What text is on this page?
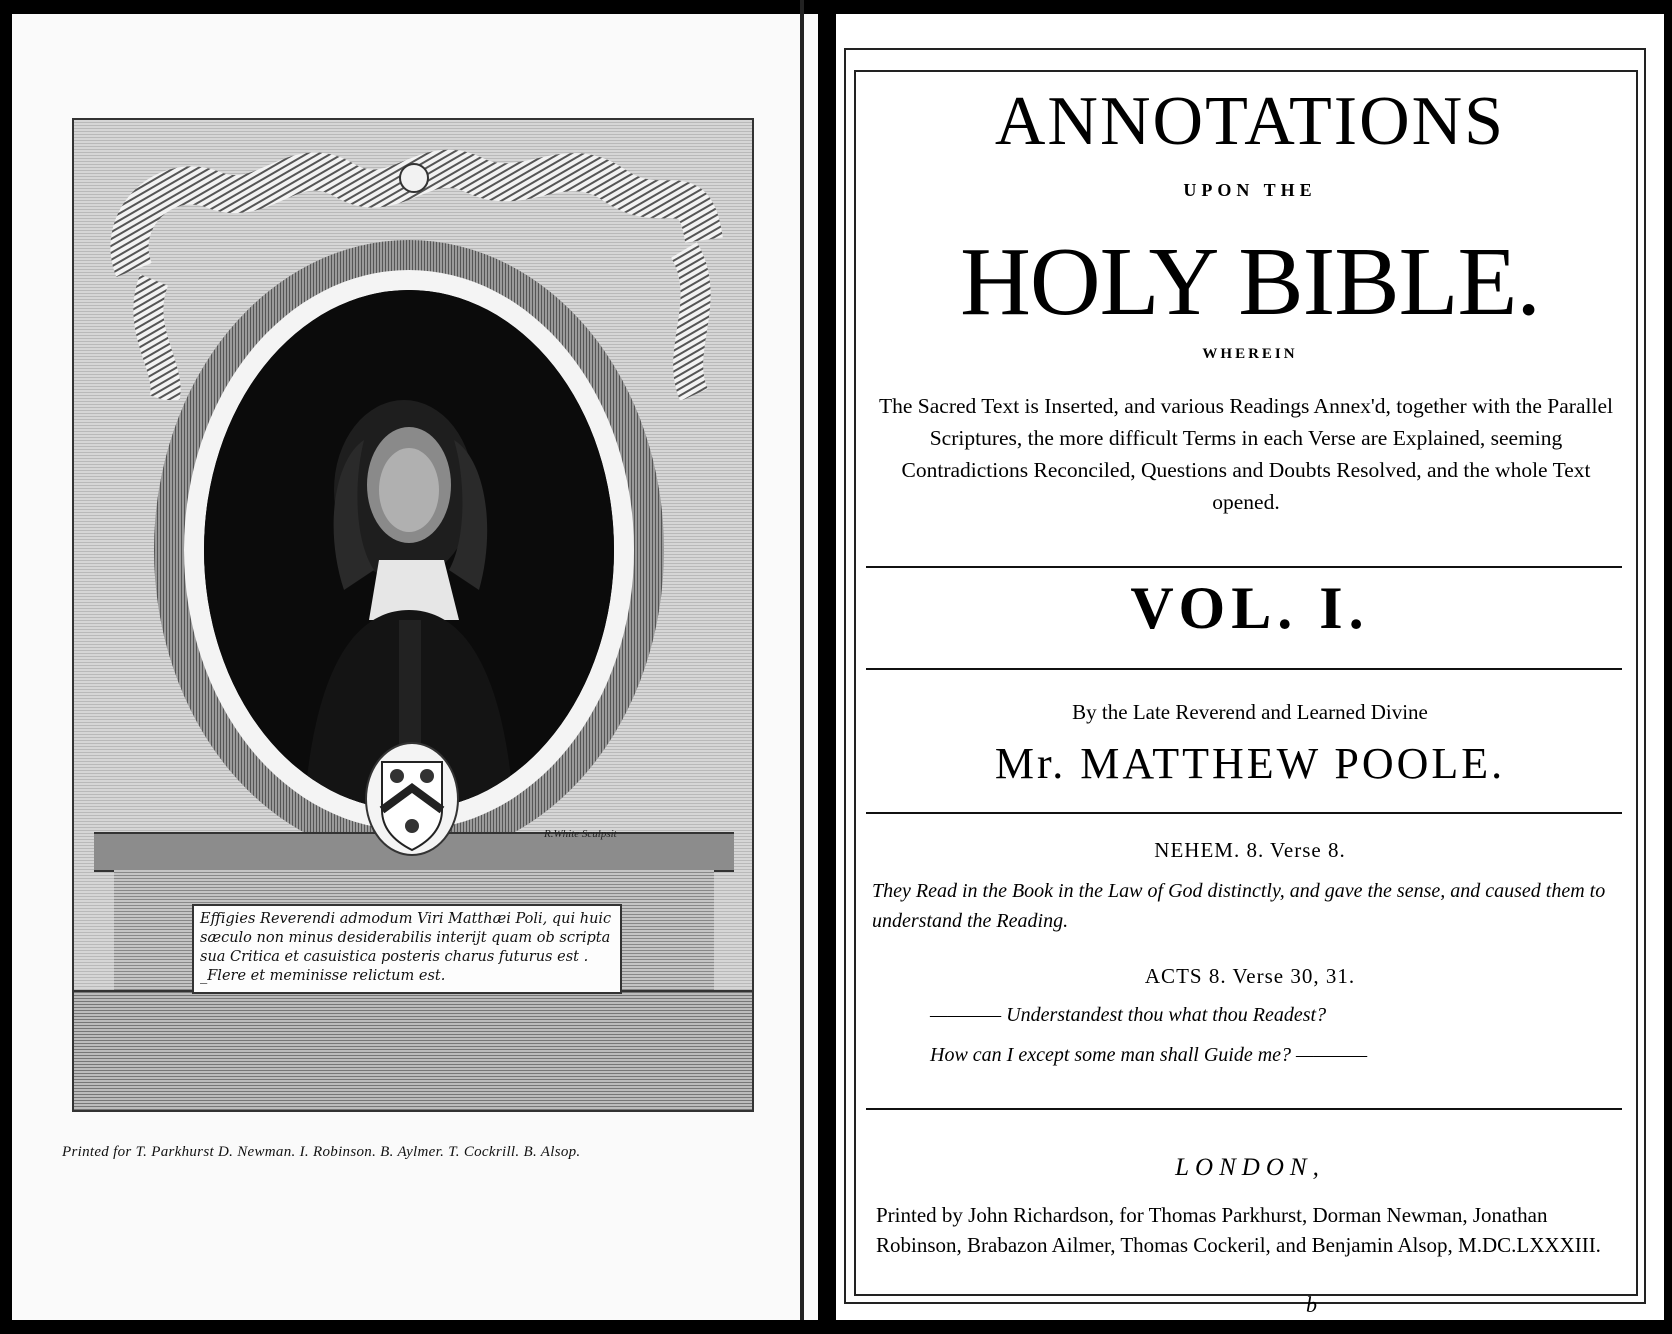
R.White Sculpsit
Effigies Reverendi admodum Viri Matthæi Poli, qui huic sæculo non minus desiderabilis interijt quam ob scripta sua Critica et casuistica posteris charus futurus est . _Flere et meminisse relictum est.
Printed for T. Parkhurst D. Newman. I. Robinson. B. Aylmer. T. Cockrill. B. Alsop.
ANNOTATIONS
UPON THE
HOLY BIBLE.
WHEREIN
The Sacred Text is Inserted, and various Readings Annex'd, together with the Parallel Scriptures, the more difficult Terms in each Verse are Explained, seeming Contradictions Reconciled, Questions and Doubts Resolved, and the whole Text opened.
VOL. I.
By the Late Reverend and Learned Divine
Mr. MATTHEW POOLE.
NEHEM. 8. Verse 8.
They Read in the Book in the Law of God distinctly, and gave the sense, and caused them to understand the Reading.
ACTS 8. Verse 30, 31.
———— Understandest thou what thou Readest?
How can I except some man shall Guide me? ————
LONDON,
Printed by John Richardson, for Thomas Parkhurst, Dorman Newman, Jonathan Robinson, Brabazon Ailmer, Thomas Cockeril, and Benjamin Alsop, M.DC.LXXXIII.
b
